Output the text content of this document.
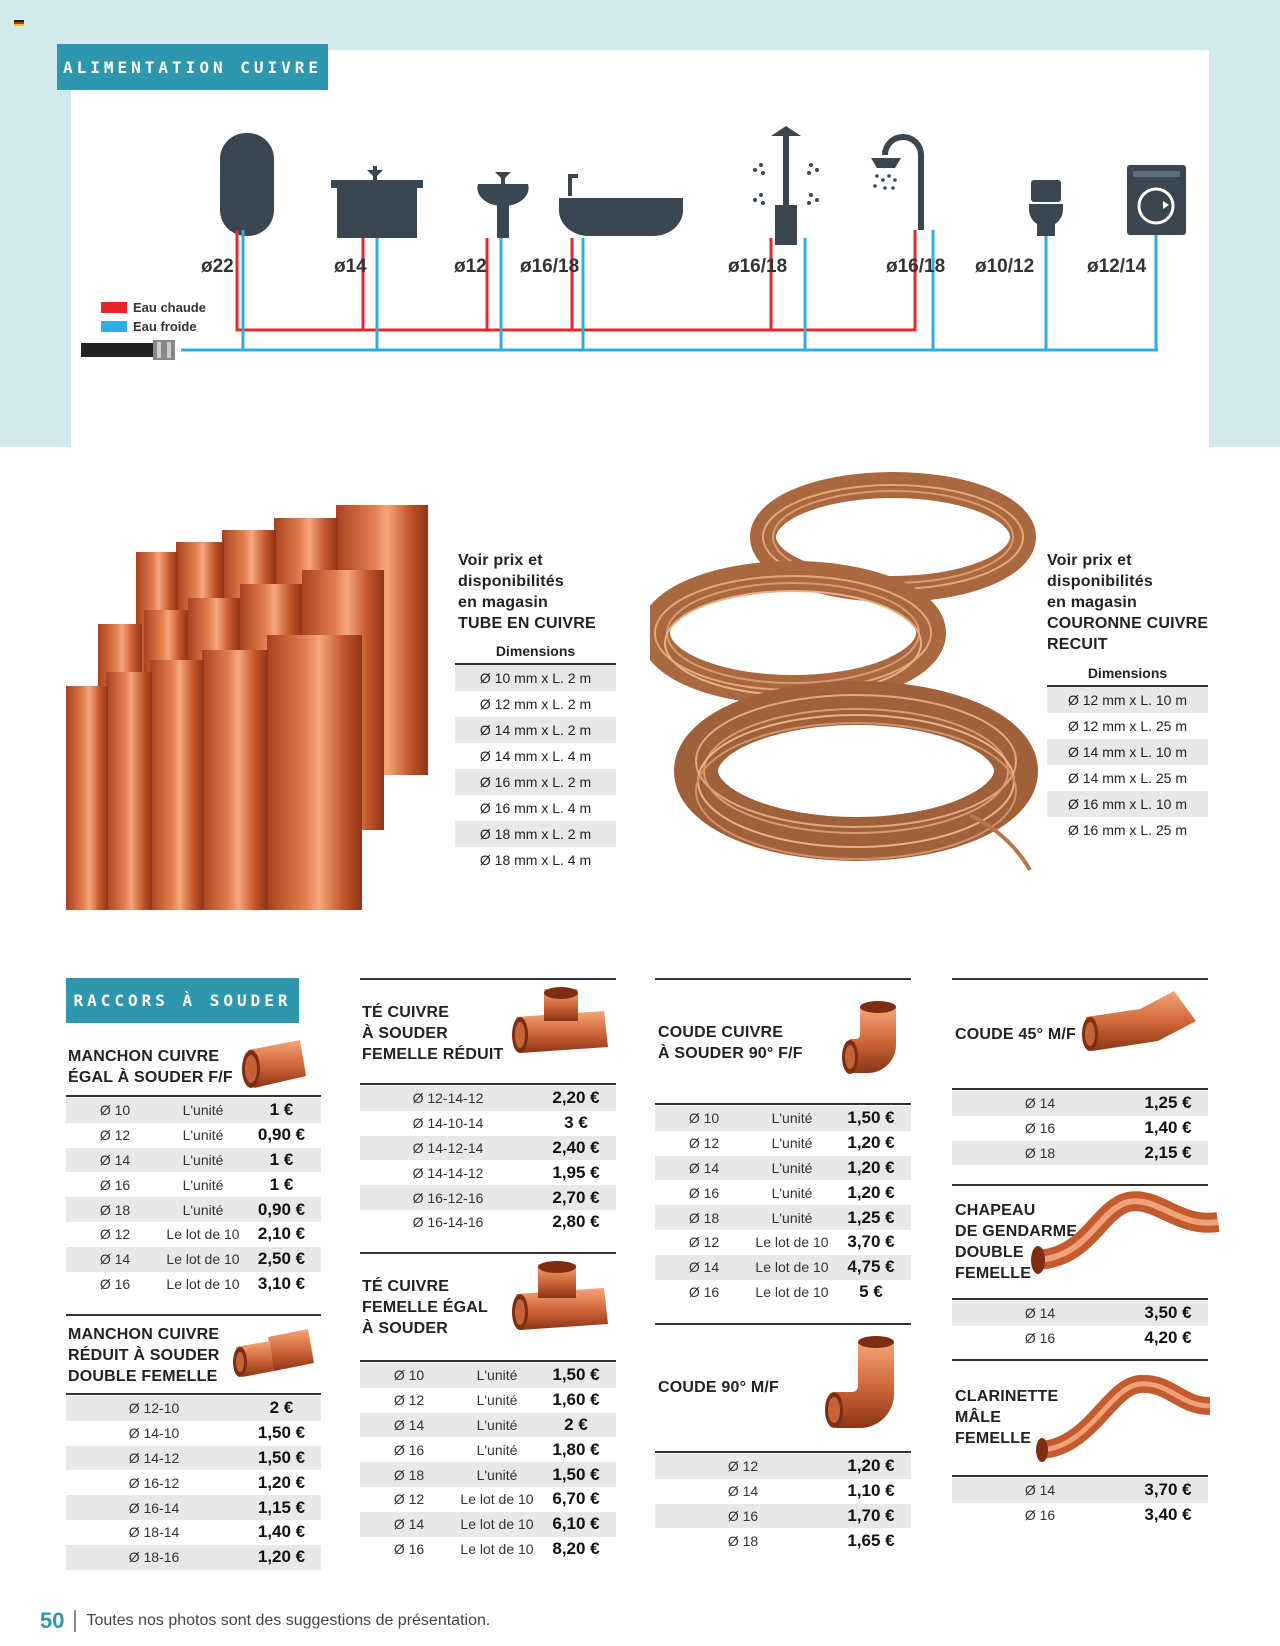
ALIMENTATION CUIVRE
ø22	ø14	ø12 ø16/18	ø16/18	ø16/18 ø10/12	ø12/14
Eau chaude
Eau froide
Voir prix et
disponibilités
en magasin
TUBE EN CUIVRE
Dimensions
Ø 10 mm x L. 2 m
Ø 12 mm x L. 2 m
Ø 14 mm x L. 2 m
Ø 14 mm x L. 4 m
Ø 16 mm x L. 2 m
Ø 16 mm x L. 4 m
Ø 18 mm x L. 2 m
Ø 18 mm x L. 4 m
Voir prix et
disponibilités
en magasin
COURONNE CUIVRE
RECUIT
Dimensions
Ø 12 mm x L. 10 m
Ø 12 mm x L. 25 m
Ø 14 mm x L. 10 m
Ø 14 mm x L. 25 m
Ø 16 mm x L. 10 m
Ø 16 mm x L. 25 m
RACCORS À SOUDER
MANCHON CUIVRE
ÉGAL À SOUDER F/F
Ø 10	L'unité	1 €
Ø 12	L'unité	0,90 €
Ø 14	L'unité	1 €
Ø 16	L'unité	1 €
Ø 18	L'unité	0,90 €
Ø 12	Le lot de 10	2,10 €
Ø 14	Le lot de 10	2,50 €
Ø 16	Le lot de 10	3,10 €
MANCHON CUIVRE
RÉDUIT À SOUDER
DOUBLE FEMELLE
Ø 12-10	2 €
Ø 14-10	1,50 €
Ø 14-12	1,50 €
Ø 16-12	1,20 €
Ø 16-14	1,15 €
Ø 18-14	1,40 €
Ø 18-16	1,20 €
TÉ CUIVRE
À SOUDER
FEMELLE RÉDUIT
Ø 12-14-12	2,20 €
Ø 14-10-14	3 €
Ø 14-12-14	2,40 €
Ø 14-14-12	1,95 €
Ø 16-12-16	2,70 €
Ø 16-14-16	2,80 €
TÉ CUIVRE
FEMELLE ÉGAL
À SOUDER
Ø 10	L'unité	1,50 €
Ø 12	L'unité	1,60 €
Ø 14	L'unité	2 €
Ø 16	L'unité	1,80 €
Ø 18	L'unité	1,50 €
Ø 12	Le lot de 10	6,70 €
Ø 14	Le lot de 10	6,10 €
Ø 16	Le lot de 10	8,20 €
COUDE CUIVRE
À SOUDER 90° F/F
Ø 10	L'unité	1,50 €
Ø 12	L'unité	1,20 €
Ø 14	L'unité	1,20 €
Ø 16	L'unité	1,20 €
Ø 18	L'unité	1,25 €
Ø 12	Le lot de 10	3,70 €
Ø 14	Le lot de 10	4,75 €
Ø 16	Le lot de 10	5 €
COUDE 90° M/F
Ø 12	1,20 €
Ø 14	1,10 €
Ø 16	1,70 €
Ø 18	1,65 €
COUDE 45° M/F
Ø 14	1,25 €
Ø 16	1,40 €
Ø 18	2,15 €
CHAPEAU
DE GENDARME
DOUBLE
FEMELLE
Ø 14	3,50 €
Ø 16	4,20 €
CLARINETTE
MÂLE
FEMELLE
Ø 14	3,70 €
Ø 16	3,40 €
50 Toutes nos photos sont des suggestions de présentation.
